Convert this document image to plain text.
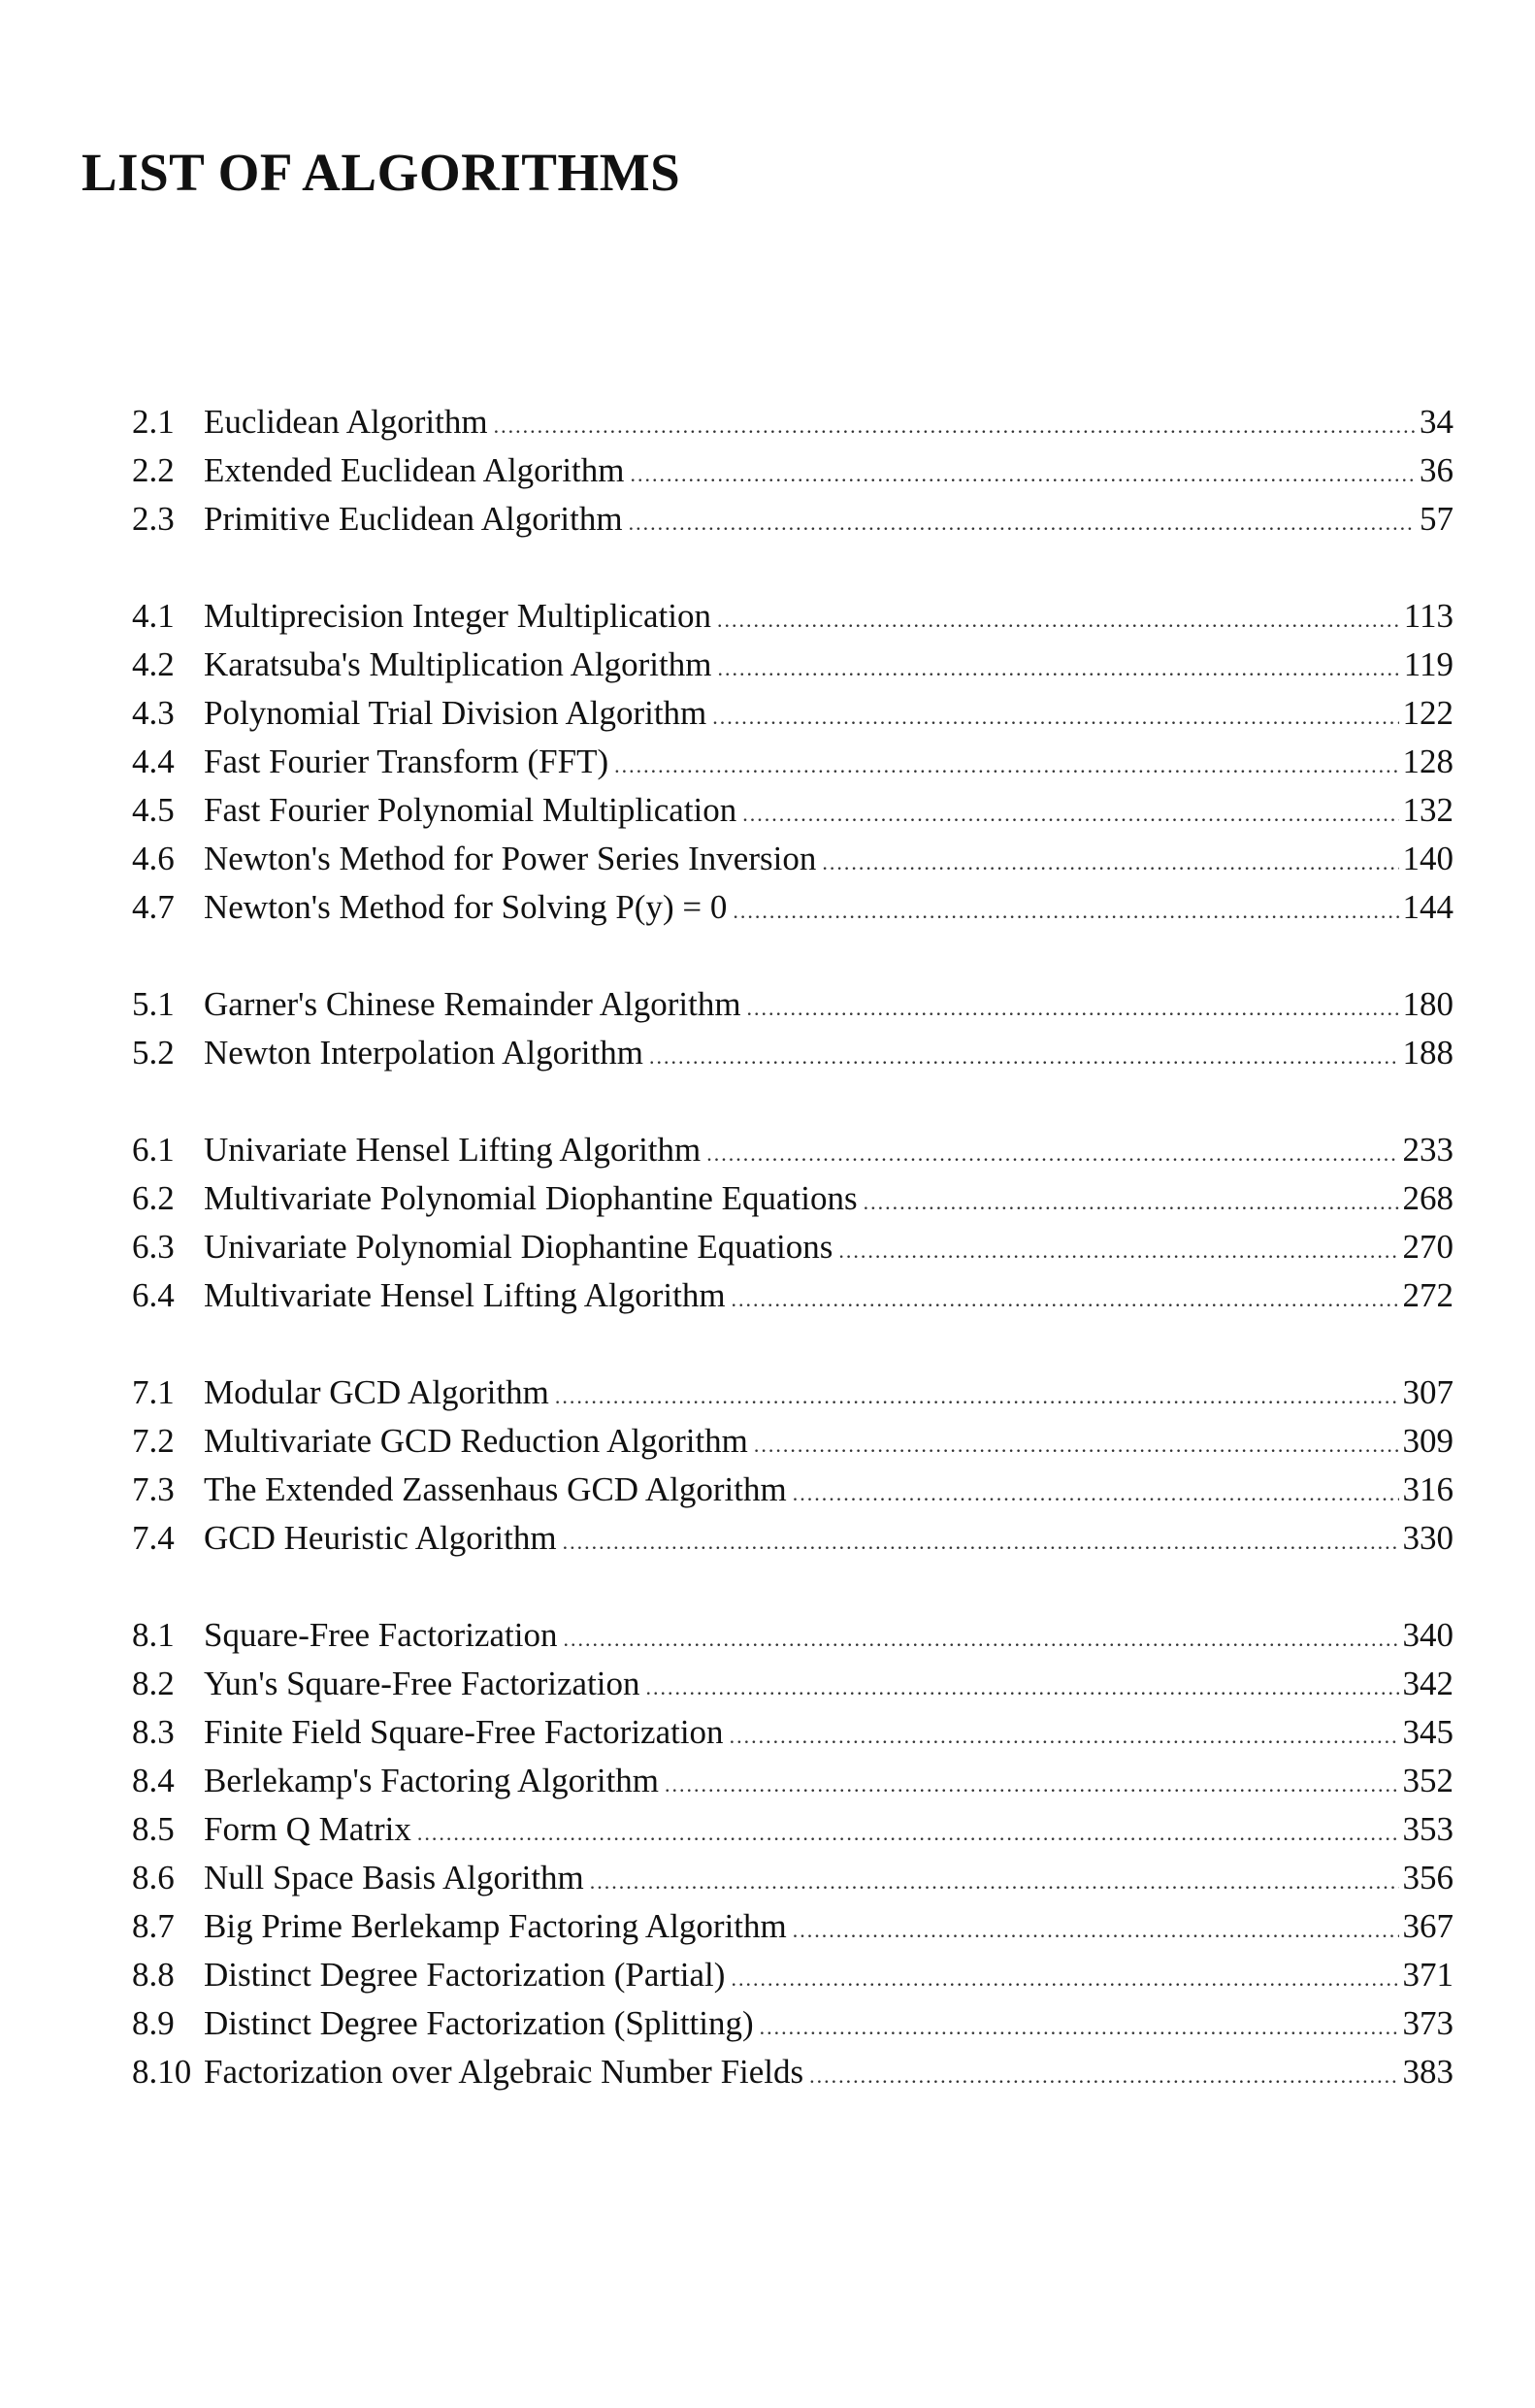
LIST OF ALGORITHMS
2.1 Euclidean Algorithm .....	34
2.2 Extended Euclidean Algorithm .....	36
2.3 Primitive Euclidean Algorithm .....	57
4.1 Multiprecision Integer Multiplication .....	113
4.2 Karatsuba's Multiplication Algorithm .....	119
4.3 Polynomial Trial Division Algorithm .....	122
4.4 Fast Fourier Transform (FFT) .....	128
4.5 Fast Fourier Polynomial Multiplication .....	132
4.6 Newton's Method for Power Series Inversion .....	140
4.7 Newton's Method for Solving P(y) = 0 .....	144
5.1 Garner's Chinese Remainder Algorithm .....	180
5.2 Newton Interpolation Algorithm .....	188
6.1 Univariate Hensel Lifting Algorithm .....	233
6.2 Multivariate Polynomial Diophantine Equations .....	268
6.3 Univariate Polynomial Diophantine Equations .....	270
6.4 Multivariate Hensel Lifting Algorithm .....	272
7.1 Modular GCD Algorithm .....	307
7.2 Multivariate GCD Reduction Algorithm .....	309
7.3 The Extended Zassenhaus GCD Algorithm .....	316
7.4 GCD Heuristic Algorithm .....	330
8.1 Square-Free Factorization .....	340
8.2 Yun's Square-Free Factorization .....	342
8.3 Finite Field Square-Free Factorization .....	345
8.4 Berlekamp's Factoring Algorithm .....	352
8.5 Form Q Matrix .....	353
8.6 Null Space Basis Algorithm .....	356
8.7 Big Prime Berlekamp Factoring Algorithm .....	367
8.8 Distinct Degree Factorization (Partial) .....	371
8.9 Distinct Degree Factorization (Splitting) .....	373
8.10 Factorization over Algebraic Number Fields .....	383
